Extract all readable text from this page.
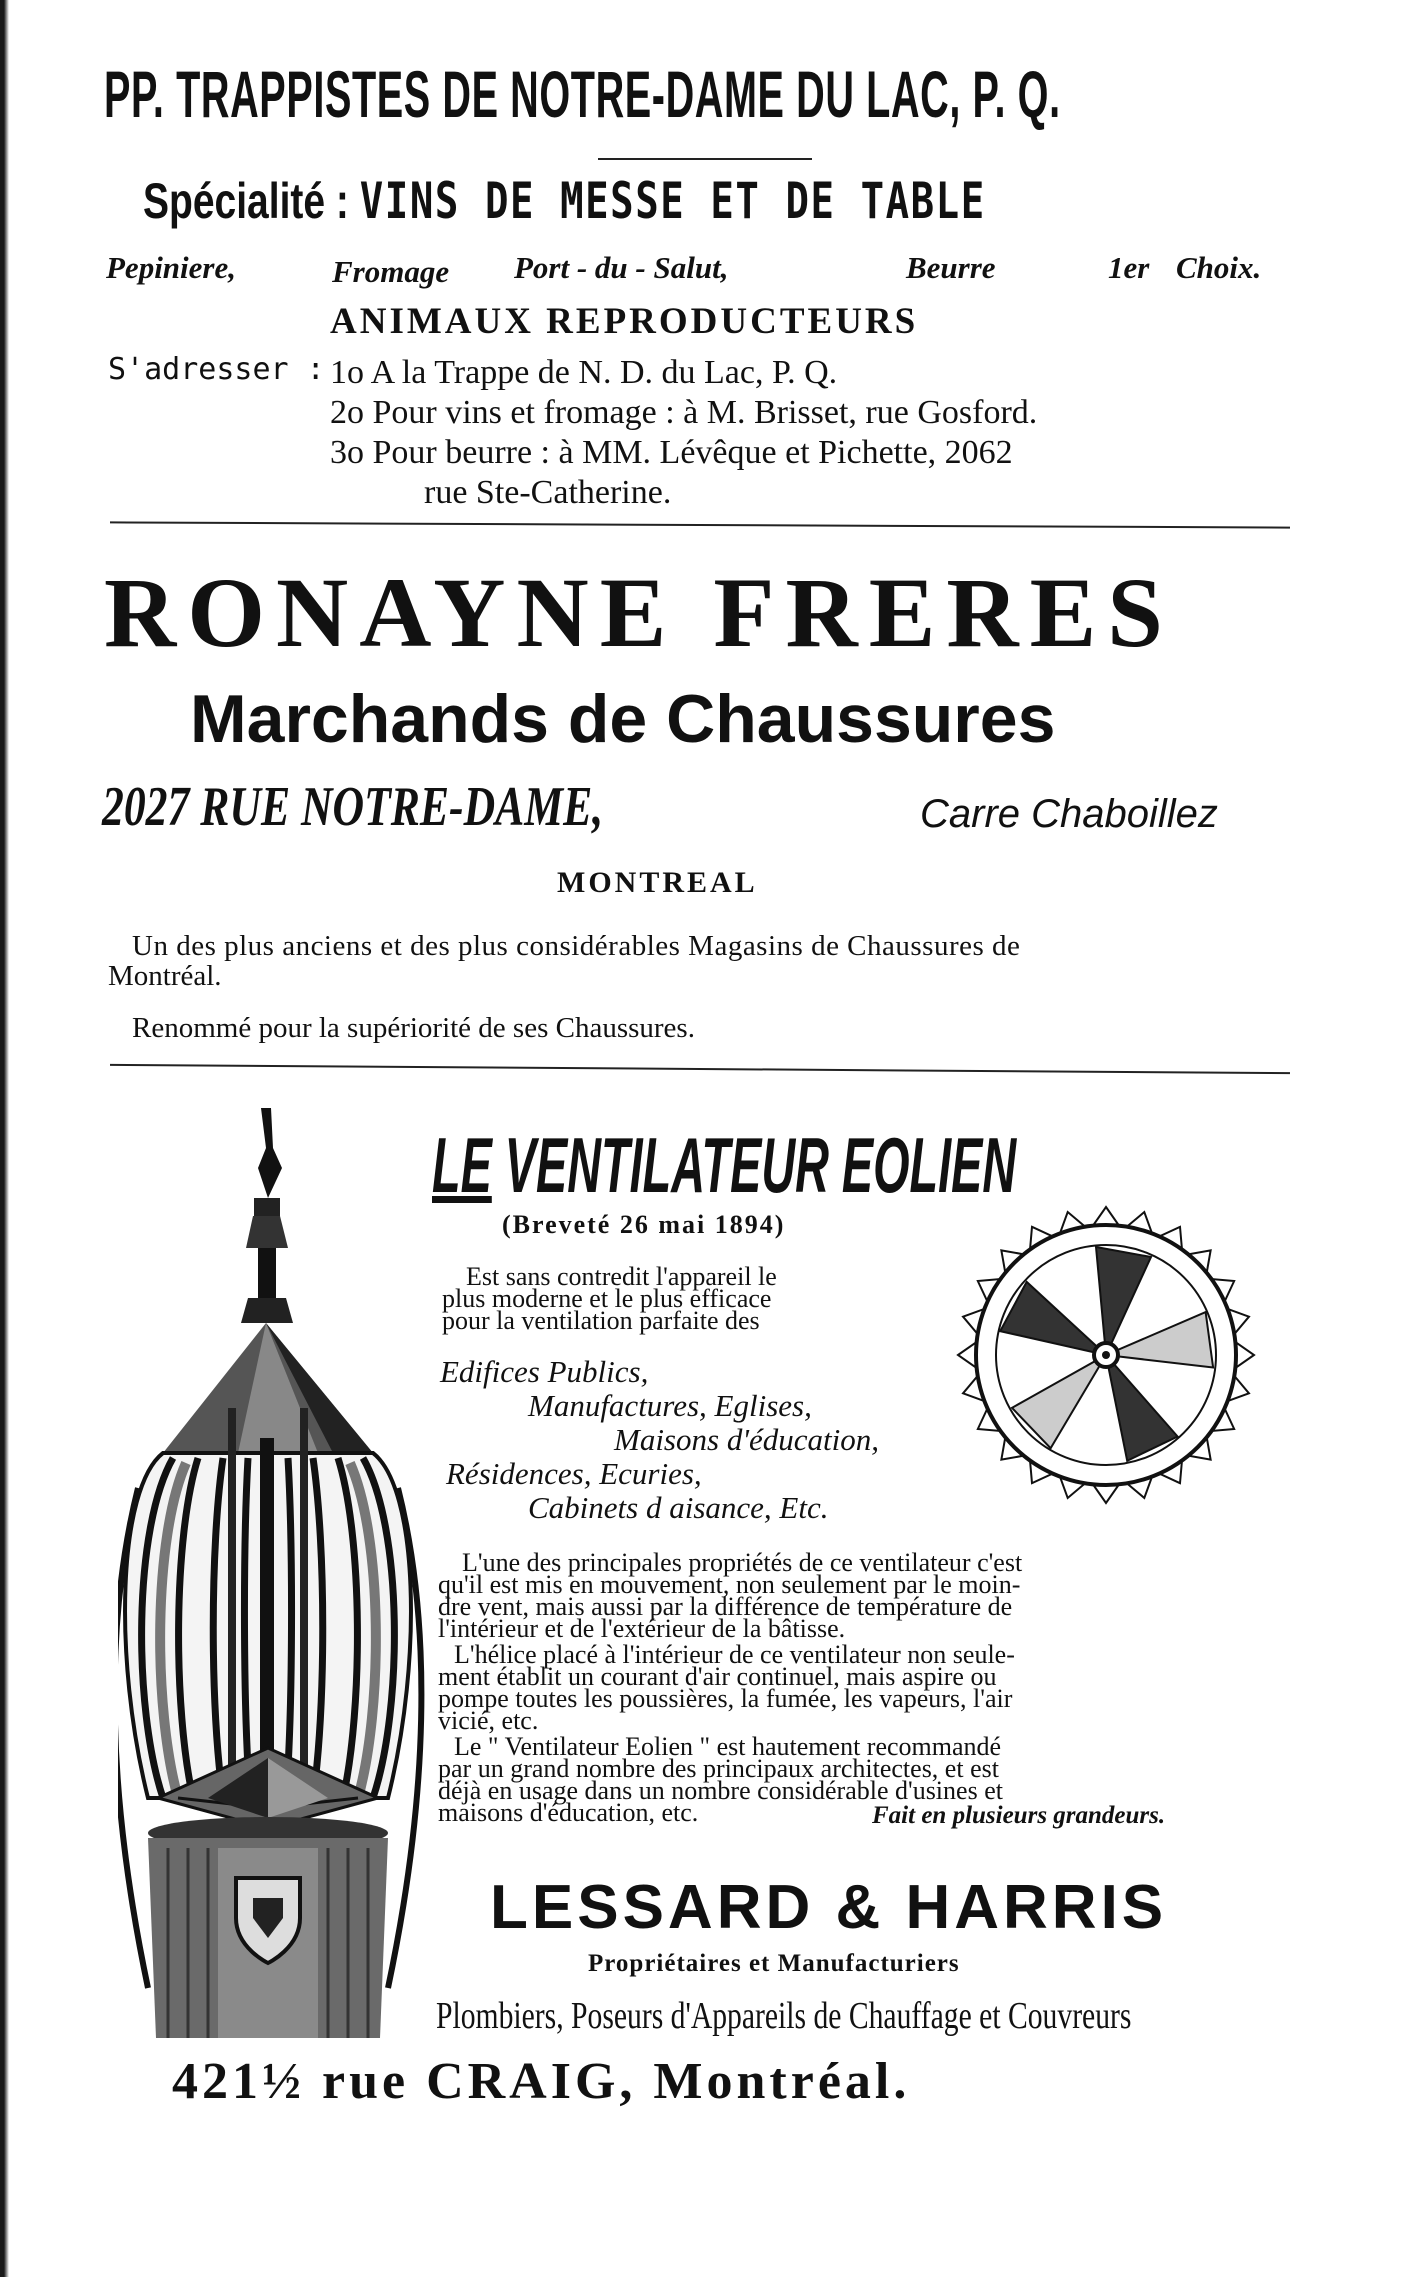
PP. TRAPPISTES DE NOTRE-DAME DU LAC, P. Q.
Spécialité : VINS DE MESSE ET DE TABLE
Pepiniere,	Fromage Port - du - Salut,	Beurre	1er Choix.
ANIMAUX REPRODUCTEURS
S'adresser : 1o A la Trappe de N. D. du Lac, P. Q.
2o Pour vins et fromage : à M. Brisset, rue Gosford.
3o Pour beurre : à MM. Lévêque et Pichette, 2062
rue Ste-Catherine.
RONAYNE FRERES
Marchands de Chaussures
2027 RUE NOTRE-DAME,	Carre Chaboillez
MONTREAL
Un des plus anciens et des plus considérables Magasins de Chaussures de
Montréal.
Renommé pour la supériorité de ses Chaussures.
LE VENTILATEUR EOLIEN
(Breveté 26 mai 1894)
Est sans contredit l'appareil le
plus moderne et le plus efficace
pour la ventilation parfaite des
Edifices Publics,
Manufactures, Eglises,
Maisons d'éducation,
Résidences, Ecuries,
Cabinets d aisance, Etc.
L'une des principales propriétés de ce ventilateur c'est
qu'il est mis en mouvement, non seulement par le moin-
dre vent, mais aussi par la différence de température de
l'intérieur et de l'extérieur de la bâtisse.
L'hélice placé à l'intérieur de ce ventilateur non seule-
ment établit un courant d'air continuel, mais aspire ou
pompe toutes les poussières, la fumée, les vapeurs, l'air
vicié, etc.
Le " Ventilateur Eolien " est hautement recommandé
par un grand nombre des principaux architectes, et est
déjà en usage dans un nombre considérable d'usines et
maisons d'éducation, etc.	Fait en plusieurs grandeurs.
LESSARD & HARRIS
Propriétaires et Manufacturiers
Plombiers, Poseurs d'Appareils de Chauffage et Couvreurs
421½ rue CRAIG, Montréal.
